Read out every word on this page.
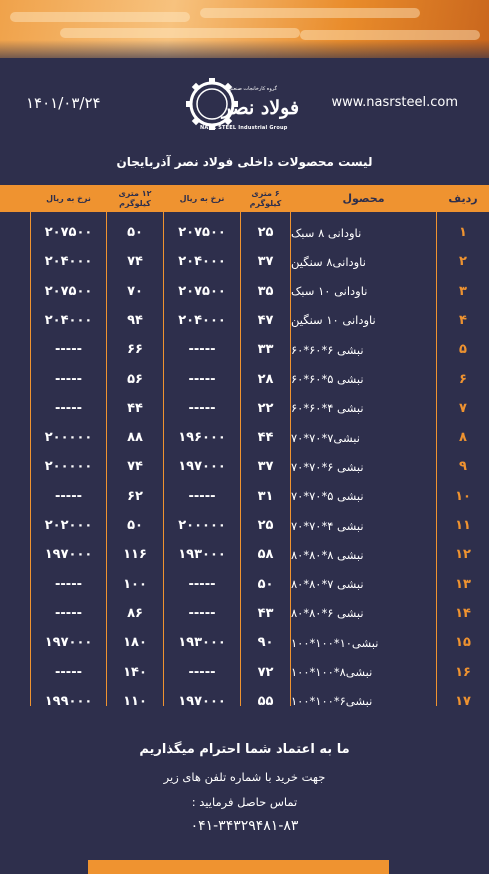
۱۴۰۱/۰۳/۲۴	www.nasrsteel.com
گروه کارخانجات صنعتی
فولاد نصر
NASR STEEL Industrial Group
لیست محصولات داخلی فولاد نصر آذربایجان
ردیف
محصول
۶ متری کیلوگرم
نرخ به ریال
۱۲ متری کیلوگرم
نرخ به ریال
۱
ناودانی ۸ سبک
۲۵
۲۰۷۵۰۰
۵۰
۲۰۷۵۰۰
۲
ناودانی۸ سنگین
۳۷
۲۰۴۰۰۰
۷۴
۲۰۴۰۰۰
۳
ناودانی ۱۰ سبک
۳۵
۲۰۷۵۰۰
۷۰
۲۰۷۵۰۰
۴
ناودانی ۱۰ سنگین
۴۷
۲۰۴۰۰۰
۹۴
۲۰۴۰۰۰
۵
نبشی ۶*۶۰*۶۰
۳۳
-----
۶۶
-----
۶
نبشی ۵*۶۰*۶۰
۲۸
-----
۵۶
-----
۷
نبشی ۴*۶۰*۶۰
۲۲
-----
۴۴
-----
۸
نبشی۷*۷۰*۷۰
۴۴
۱۹۶۰۰۰
۸۸
۲۰۰۰۰۰
۹
نبشی ۶*۷۰*۷۰
۳۷
۱۹۷۰۰۰
۷۴
۲۰۰۰۰۰
۱۰
نبشی ۵*۷۰*۷۰
۳۱
-----
۶۲
-----
۱۱
نبشی ۴*۷۰*۷۰
۲۵
۲۰۰۰۰۰
۵۰
۲۰۲۰۰۰
۱۲
نبشی ۸*۸۰*۸۰
۵۸
۱۹۳۰۰۰
۱۱۶
۱۹۷۰۰۰
۱۳
نبشی ۷*۸۰*۸۰
۵۰
-----
۱۰۰
-----
۱۴
نبشی ۶*۸۰*۸۰
۴۳
-----
۸۶
-----
۱۵
نبشی۱۰*۱۰۰*۱۰۰
۹۰
۱۹۳۰۰۰
۱۸۰
۱۹۷۰۰۰
۱۶
نبشی۸*۱۰۰*۱۰۰
۷۲
-----
۱۴۰
-----
۱۷
نبشی۶*۱۰۰*۱۰۰
۵۵
۱۹۷۰۰۰
۱۱۰
۱۹۹۰۰۰
ما به اعتماد شما احترام میگذاریم
جهت خرید با شماره تلفن های زیر
تماس حاصل فرمایید :
۰۴۱-۳۴۳۲۹۴۸۱-۸۳
